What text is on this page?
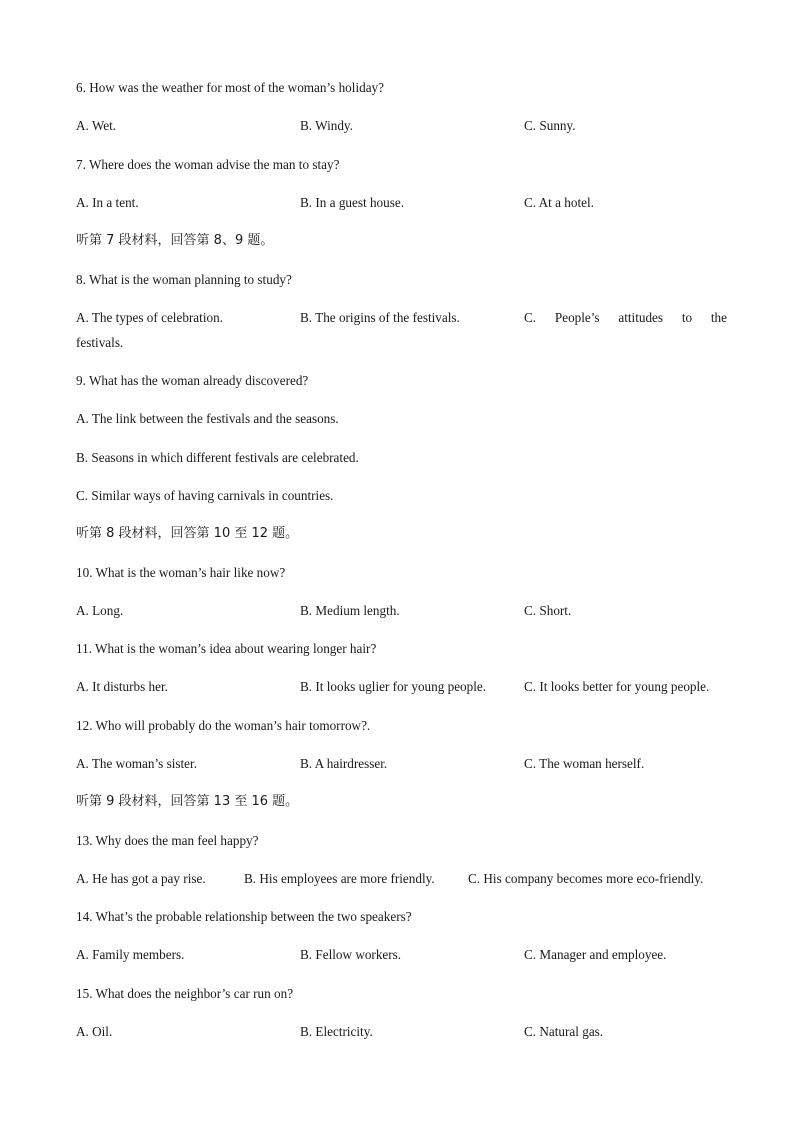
6. How was the weather for most of the woman’s holiday?
A. Wet.	B. Windy.	C. Sunny.
7. Where does the woman advise the man to stay?
A. In a tent.	B. In a guest house.	C. At a hotel.
听第 7 段材料，回答第 8、9 题。
8. What is the woman planning to study?
A. The types of celebration.	B. The origins of the festivals.	C. People’s attitudes to the
festivals.
9. What has the woman already discovered?
A. The link between the festivals and the seasons.
B. Seasons in which different festivals are celebrated.
C. Similar ways of having carnivals in countries.
听第 8 段材料，回答第 10 至 12 题。
10. What is the woman’s hair like now?
A. Long.	B. Medium length.	C. Short.
11. What is the woman’s idea about wearing longer hair?
A. It disturbs her.	B. It looks uglier for young people.	C. It looks better for young people.
12. Who will probably do the woman’s hair tomorrow?.
A. The woman’s sister.	B. A hairdresser.	C. The woman herself.
听第 9 段材料，回答第 13 至 16 题。
13. Why does the man feel happy?
A. He has got a pay rise.	B. His employees are more friendly.	C. His company becomes more eco-friendly.
14. What’s the probable relationship between the two speakers?
A. Family members.	B. Fellow workers.	C. Manager and employee.
15. What does the neighbor’s car run on?
A. Oil.	B. Electricity.	C. Natural gas.
